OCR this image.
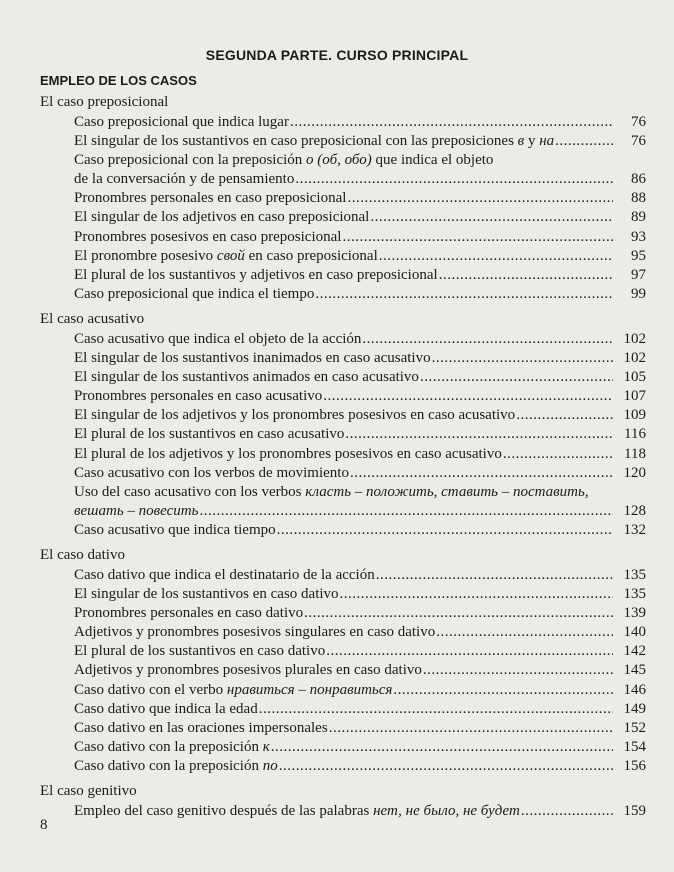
SEGUNDA PARTE. CURSO PRINCIPAL
EMPLEO DE LOS CASOS
El caso preposicional
Caso preposicional que indica lugar .....	76
El singular de los sustantivos en caso preposicional con las preposiciones в y на .....	76
Caso preposicional con la preposición о (об, обо) que indica el objeto
de la conversación y de pensamiento .....	86
Pronombres personales en caso preposicional .....	88
El singular de los adjetivos en caso preposicional .....	89
Pronombres posesivos en caso preposicional .....	93
El pronombre posesivo свой en caso preposicional .....	95
El plural de los sustantivos y adjetivos en caso preposicional .....	97
Caso preposicional que indica el tiempo .....	99
El caso acusativo
Caso acusativo que indica el objeto de la acción .....	102
El singular de los sustantivos inanimados en caso acusativo .....	102
El singular de los sustantivos animados en caso acusativo .....	105
Pronombres personales en caso acusativo .....	107
El singular de los adjetivos y los pronombres posesivos en caso acusativo .....	109
El plural de los sustantivos en caso acusativo .....	116
El plural de los adjetivos y los pronombres posesivos en caso acusativo .....	118
Caso acusativo con los verbos de movimiento .....	120
Uso del caso acusativo con los verbos класть – положить, ставить – поставить,
вешать – повесить .....	128
Caso acusativo que indica tiempo .....	132
El caso dativo
Caso dativo que indica el destinatario de la acción .....	135
El singular de los sustantivos en caso dativo .....	135
Pronombres personales en caso dativo .....	139
Adjetivos y pronombres posesivos singulares en caso dativo .....	140
El plural de los sustantivos en caso dativo .....	142
Adjetivos y pronombres posesivos plurales en caso dativo .....	145
Caso dativo con el verbo нравиться – понравиться .....	146
Caso dativo que indica la edad .....	149
Caso dativo en las oraciones impersonales .....	152
Caso dativo con la preposición к .....	154
Caso dativo con la preposición по .....	156
El caso genitivo
Empleo del caso genitivo después de las palabras нет, не было, не будет .....	159
8
